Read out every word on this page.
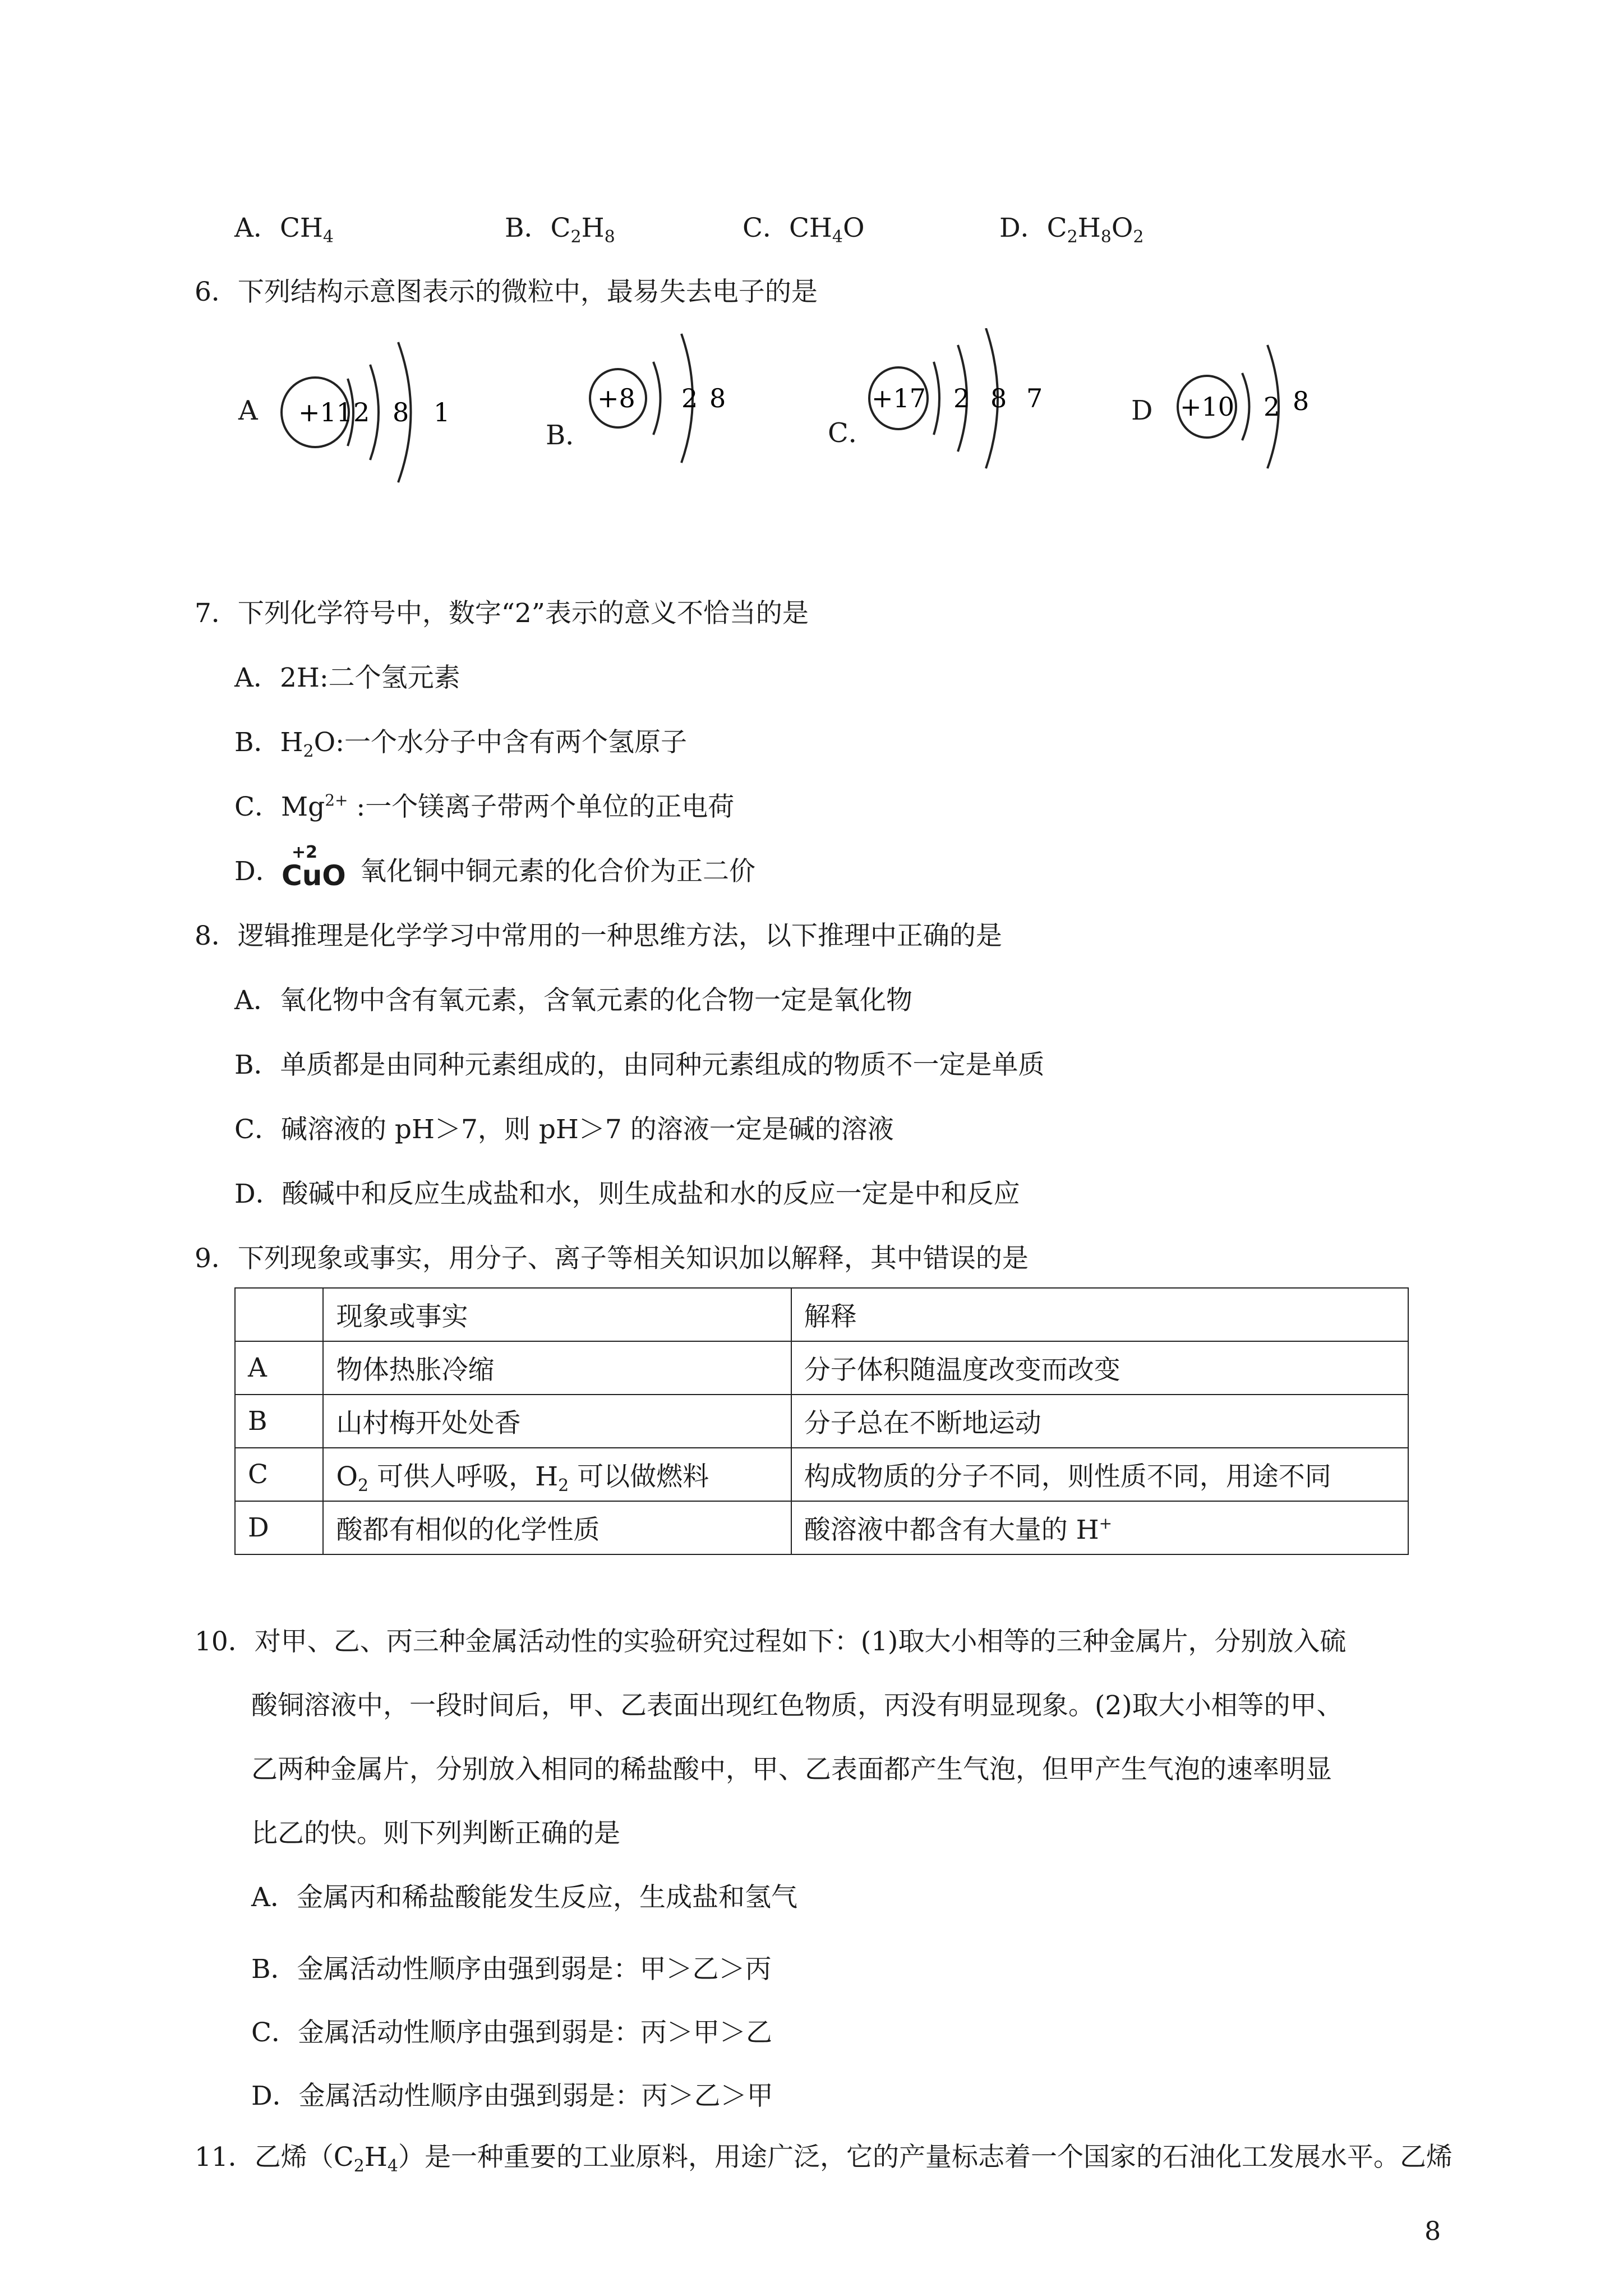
A．$CH_4$	B．$C_2H_8$	C．$CH_4O$	D．$C_2H_8O_2$
6．下列结构示意图表示的微粒中，最易失去电子的是
A +11 2 8 1
B．
+8 2 8
C．
+17 2 8 7	D +10 2 8
7．下列化学符号中，数字“2”表示的意义不恰当的是
A．2H:二个氢元素
B．$H_2O$:一个水分子中含有两个氢原子
C．$Mg^{2+}$ :一个镁离子带两个单位的正电荷
D．
+2
CuO 氧化铜中铜元素的化合价为正二价
8．逻辑推理是化学学习中常用的一种思维方法，以下推理中正确的是
A．氧化物中含有氧元素，含氧元素的化合物一定是氧化物
B．单质都是由同种元素组成的，由同种元素组成的物质不一定是单质
C．碱溶液的 pH＞7，则 pH＞7 的溶液一定是碱的溶液
D．酸碱中和反应生成盐和水，则生成盐和水的反应一定是中和反应
9．下列现象或事实，用分子、离子等相关知识加以解释，其中错误的是
	现象或事实	解释
A	物体热胀冷缩	分子体积随温度改变而改变
B	山村梅开处处香	分子总在不断地运动
C	$O_2$ 可供人呼吸，$H_2$ 可以做燃料	构成物质的分子不同，则性质不同，用途不同
D	酸都有相似的化学性质	酸溶液中都含有大量的 H+
10．对甲、乙、丙三种金属活动性的实验研究过程如下：(1)取大小相等的三种金属片，分别放入硫
酸铜溶液中，一段时间后，甲、乙表面出现红色物质，丙没有明显现象。(2)取大小相等的甲、
乙两种金属片，分别放入相同的稀盐酸中，甲、乙表面都产生气泡，但甲产生气泡的速率明显
比乙的快。则下列判断正确的是
A．金属丙和稀盐酸能发生反应，生成盐和氢气
B．金属活动性顺序由强到弱是：甲＞乙＞丙
C．金属活动性顺序由强到弱是：丙＞甲＞乙
D．金属活动性顺序由强到弱是：丙＞乙＞甲
11．乙烯$(C_2H_4)$是一种重要的工业原料，用途广泛，它的产量标志着一个国家的石油化工发展水平。乙烯
8
